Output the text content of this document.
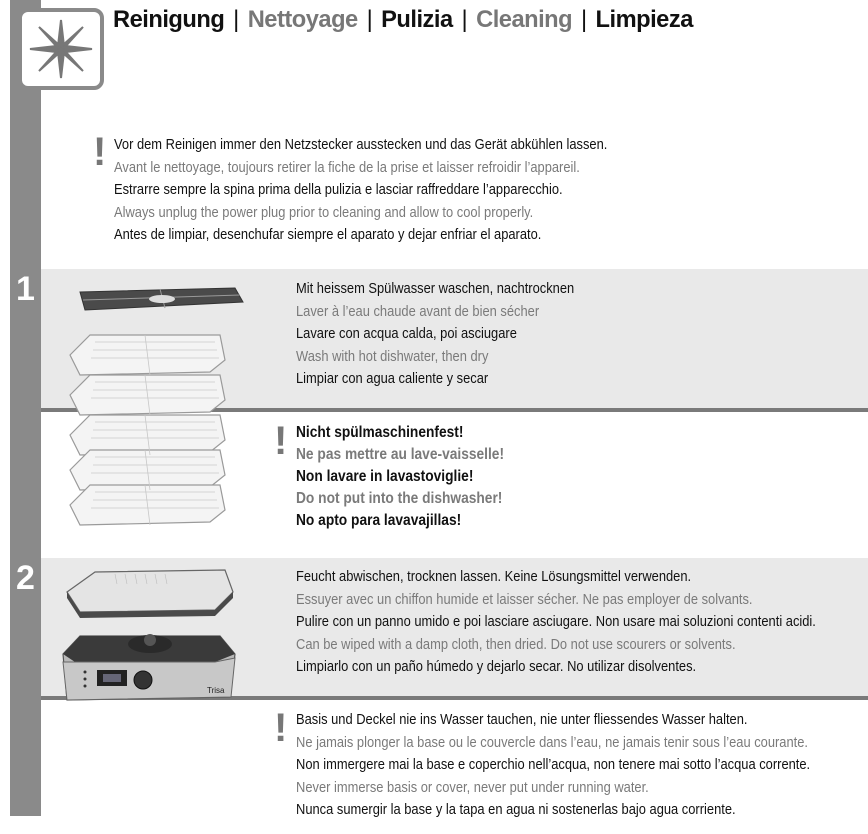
Reinigung | Nettoyage | Pulizia | Cleaning | Limpieza
! Vor dem Reinigen immer den Netzstecker ausstecken und das Gerät abkühlen lassen.
Avant le nettoyage, toujours retirer la fiche de la prise et laisser refroidir l’appareil.
Estrarre sempre la spina prima della pulizia e lasciar raffreddare l’apparecchio.
Always unplug the power plug prior to cleaning and allow to cool properly.
Antes de limpiar, desenchufar siempre el aparato y dejar enfriar el aparato.
1	Mit heissem Spülwasser waschen, nachtrocknen
Laver à l’eau chaude avant de bien sécher
Lavare con acqua calda, poi asciugare
Wash with hot dishwater, then dry
Limpiar con agua caliente y secar
! Nicht spülmaschinenfest!
Ne pas mettre au lave-vaisselle!
Non lavare in lavastoviglie!
Do not put into the dishwasher!
No apto para lavavajillas!
2
Trisa
Feucht abwischen, trocknen lassen. Keine Lösungsmittel verwenden.
Essuyer avec un chiffon humide et laisser sécher. Ne pas employer de solvants.
Pulire con un panno umido e poi lasciare asciugare. Non usare mai soluzioni contenti acidi.
Can be wiped with a damp cloth, then dried. Do not use scourers or solvents.
Limpiarlo con un paño húmedo y dejarlo secar. No utilizar disolventes.
! Basis und Deckel nie ins Wasser tauchen, nie unter fliessendes Wasser halten.
Ne jamais plonger la base ou le couvercle dans l’eau, ne jamais tenir sous l’eau courante.
Non immergere mai la base e coperchio nell’acqua, non tenere mai sotto l’acqua corrente.
Never immerse basis or cover, never put under running water.
Nunca sumergir la base y la tapa en agua ni sostenerlas bajo agua corriente.
